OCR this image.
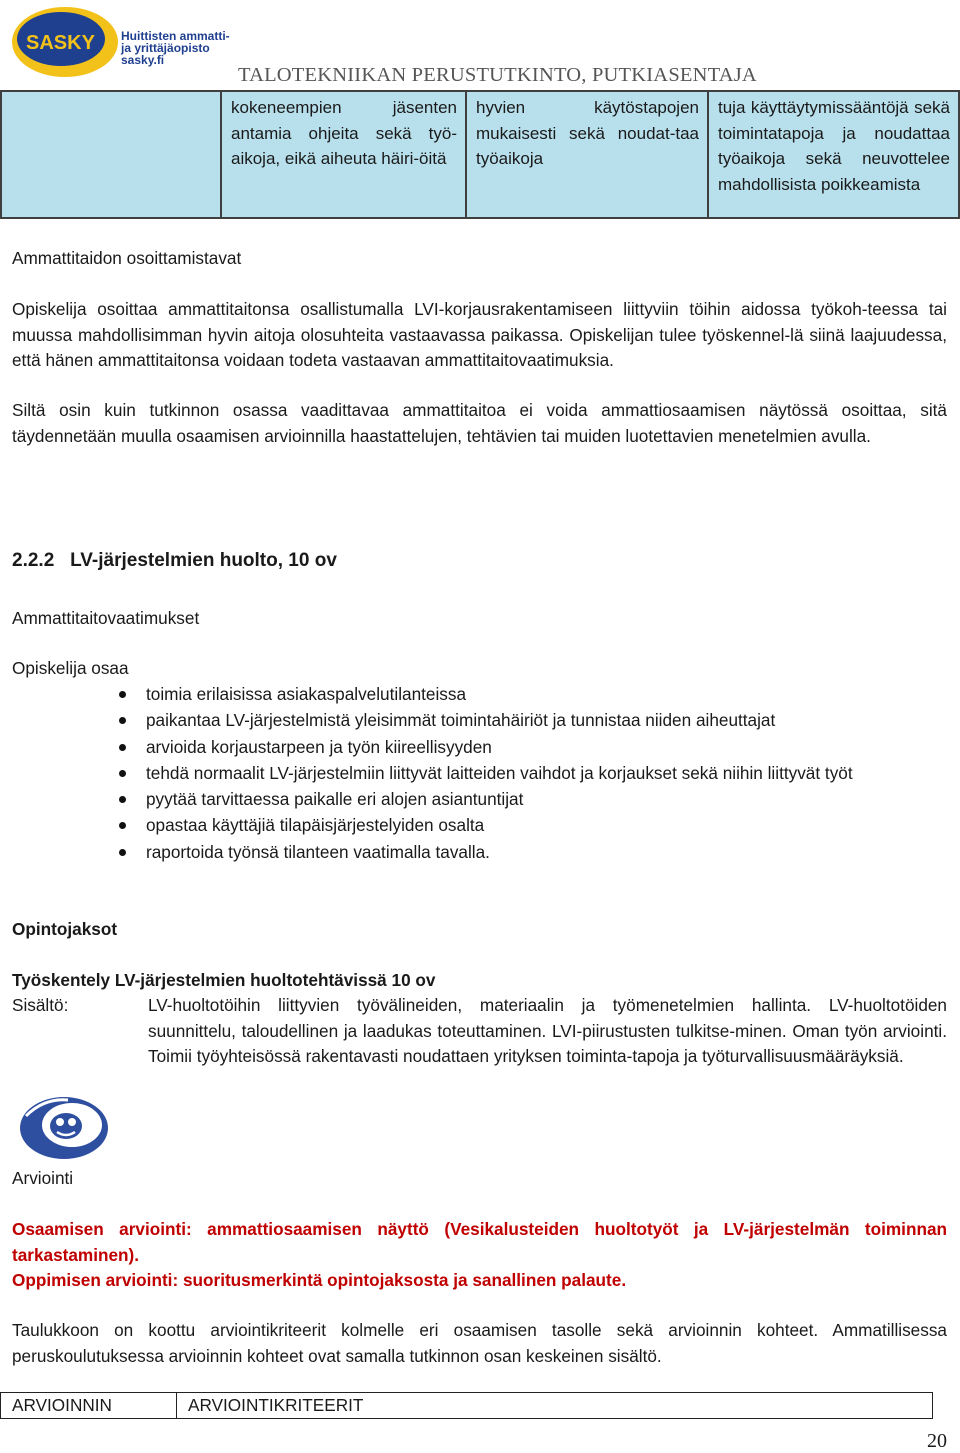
SASKY Huittisten ammatti-
ja yrittäjäopisto
sasky.fi
TALOTEKNIIKAN PERUSTUTKINTO, PUTKIASENTAJA
	kokeneempien jäsenten antamia ohjeita sekä työ-aikoja, eikä aiheuta häiri-öitä	hyvien käytöstapojen mukaisesti sekä noudat-taa työaikoja	tuja käyttäytymissääntöjä sekä toimintatapoja ja noudattaa työaikoja sekä neuvottelee mahdollisista poikkeamista
Ammattitaidon osoittamistavat
Opiskelija osoittaa ammattitaitonsa osallistumalla LVI-korjausrakentamiseen liittyviin töihin aidossa työkoh-teessa tai muussa mahdollisimman hyvin aitoja olosuhteita vastaavassa paikassa. Opiskelijan tulee työskennel-lä siinä laajuudessa, että hänen ammattitaitonsa voidaan todeta vastaavan ammattitaitovaatimuksia.
Siltä osin kuin tutkinnon osassa vaadittavaa ammattitaitoa ei voida ammattiosaamisen näytössä osoittaa, sitä täydennetään muulla osaamisen arvioinnilla haastattelujen, tehtävien tai muiden luotettavien menetelmien avulla.
2.2.2 LV-järjestelmien huolto, 10 ov
Ammattitaitovaatimukset
Opiskelija osaa
toimia erilaisissa asiakaspalvelutilanteissa
paikantaa LV-järjestelmistä yleisimmät toimintahäiriöt ja tunnistaa niiden aiheuttajat
arvioida korjaustarpeen ja työn kiireellisyyden
tehdä normaalit LV-järjestelmiin liittyvät laitteiden vaihdot ja korjaukset sekä niihin liittyvät työt
pyytää tarvittaessa paikalle eri alojen asiantuntijat
opastaa käyttäjiä tilapäisjärjestelyiden osalta
raportoida työnsä tilanteen vaatimalla tavalla.
Opintojaksot
Työskentely LV-järjestelmien huoltotehtävissä 10 ov
Sisältö:	LV-huoltotöihin liittyvien työvälineiden, materiaalin ja työmenetelmien hallinta. LV-huoltotöiden suunnittelu, taloudellinen ja laadukas toteuttaminen. LVI-piirustusten tulkitse-minen. Oman työn arviointi. Toimii työyhteisössä rakentavasti noudattaen yrityksen toiminta-tapoja ja työturvallisuusmääräyksiä.
Arviointi
Osaamisen arviointi: ammattiosaamisen näyttö (Vesikalusteiden huoltotyöt ja LV-järjestelmän toiminnan tarkastaminen).
Oppimisen arviointi: suoritusmerkintä opintojaksosta ja sanallinen palaute.
Taulukkoon on koottu arviointikriteerit kolmelle eri osaamisen tasolle sekä arvioinnin kohteet. Ammatillisessa peruskoulutuksessa arvioinnin kohteet ovat samalla tutkinnon osan keskeinen sisältö.
ARVIOINNIN	ARVIOINTIKRITEERIT
20
